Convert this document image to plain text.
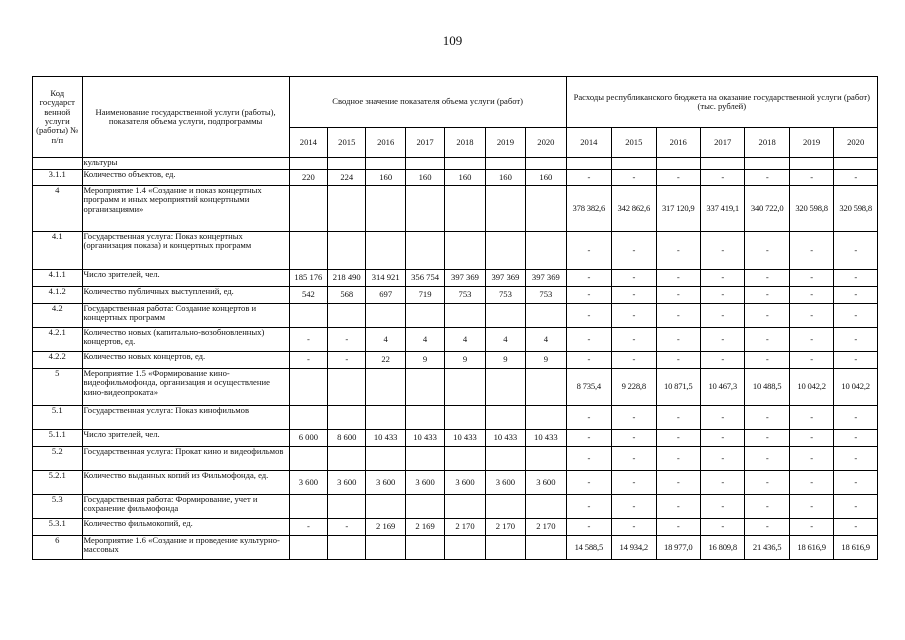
109
Код государст венной услуги (работы) № п/п	Наименование государственной услуги (работы), показателя объема услуги, подпрограммы	Сводное значение показателя объема услуги (работ)							Расходы республиканского бюджета на оказание государственной услуги (работ) (тыс. рублей)						
		2014	2015	2016	2017	2018	2019	2020	2014	2015	2016	2017	2018	2019	2020
	культуры														
3.1.1	Количество объектов, ед.	220	224	160	160	160	160	160	-	-	-	-	-	-	-
4	Мероприятие 1.4 «Создание и показ концертных программ и иных мероприятий концертными организациями»								378 382,6	342 862,6	317 120,9	337 419,1	340 722,0	320 598,8	320 598,8
4.1	Государственная услуга: Показ концертных (организация показа) и концертных программ								-	-	-	-	-	-	-
4.1.1	Число зрителей, чел.	185 176	218 490	314 921	356 754	397 369	397 369	397 369	-	-	-	-	-	-	-
4.1.2	Количество публичных выступлений, ед.	542	568	697	719	753	753	753	-	-	-	-	-	-	-
4.2	Государственная работа: Создание концертов и концертных программ								-	-	-	-	-	-	-
4.2.1	Количество новых (капитально-возобновленных) концертов, ед.	-	-	4	4	4	4	4	-	-	-	-	-	-	-
4.2.2	Количество новых концертов, ед.	-	-	22	9	9	9	9	-	-	-	-	-	-	-
5	Мероприятие 1.5 «Формирование кино-видеофильмофонда, организация и осуществление кино-видеопроката»								8 735,4	9 228,8	10 871,5	10 467,3	10 488,5	10 042,2	10 042,2
5.1	Государственная услуга: Показ кинофильмов								-	-	-	-	-	-	-
5.1.1	Число зрителей, чел.	6 000	8 600	10 433	10 433	10 433	10 433	10 433	-	-	-	-	-	-	-
5.2	Государственная услуга: Прокат кино и видеофильмов								-	-	-	-	-	-	-
5.2.1	Количество выданных копий из Фильмофонда, ед.	3 600	3 600	3 600	3 600	3 600	3 600	3 600	-	-	-	-	-	-	-
5.3	Государственная работа: Формирование, учет и сохранение фильмофонда								-	-	-	-	-	-	-
5.3.1	Количество фильмокопий, ед.	-	-	2 169	2 169	2 170	2 170	2 170	-	-	-	-	-	-	-
6	Мероприятие 1.6 «Создание и проведение культурно-массовых								14 588,5	14 934,2	18 977,0	16 809,8	21 436,5	18 616,9	18 616,9
